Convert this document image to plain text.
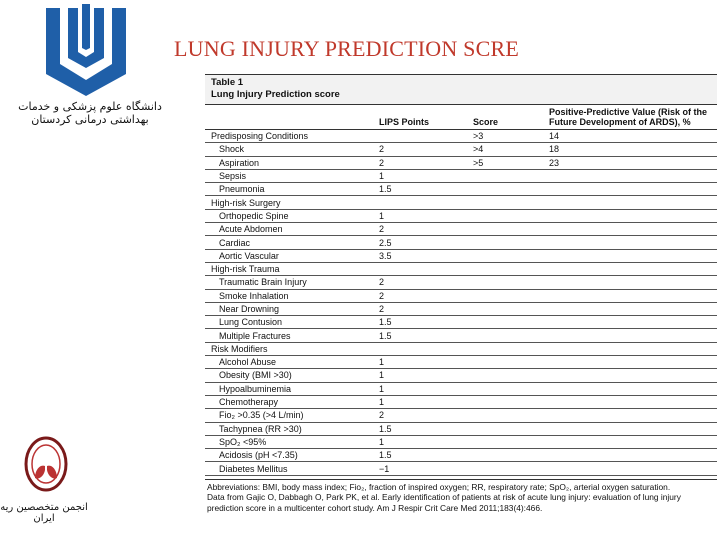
دانشگاه علوم پزشکی و خدمات بهداشتی درمانی کردستان
LUNG INJURY PREDICTION SCRE
انجمن متخصصین ریه ایران
Table 1
Lung Injury Prediction score
	LIPS Points	Score	Positive-Predictive Value (Risk of the Future Development of ARDS), %
Predisposing Conditions		>3	14
Shock	2	>4	18
Aspiration	2	>5	23
Sepsis	1		
Pneumonia	1.5		
High-risk Surgery			
Orthopedic Spine	1		
Acute Abdomen	2		
Cardiac	2.5		
Aortic Vascular	3.5		
High-risk Trauma			
Traumatic Brain Injury	2		
Smoke Inhalation	2		
Near Drowning	2		
Lung Contusion	1.5		
Multiple Fractures	1.5		
Risk Modifiers			
Alcohol Abuse	1		
Obesity (BMI >30)	1		
Hypoalbuminemia	1		
Chemotherapy	1		
Fio₂ >0.35 (>4 L/min)	2		
Tachypnea (RR >30)	1.5		
SpO₂ <95%	1		
Acidosis (pH <7.35)	1.5		
Diabetes Mellitus	−1		
Abbreviations: BMI, body mass index; Fio₂, fraction of inspired oxygen; RR, respiratory rate; SpO₂, arterial oxygen saturation.
Data from Gajic O, Dabbagh O, Park PK, et al. Early identification of patients at risk of acute lung injury: evaluation of lung injury prediction score in a multicenter cohort study. Am J Respir Crit Care Med 2011;183(4):466.
